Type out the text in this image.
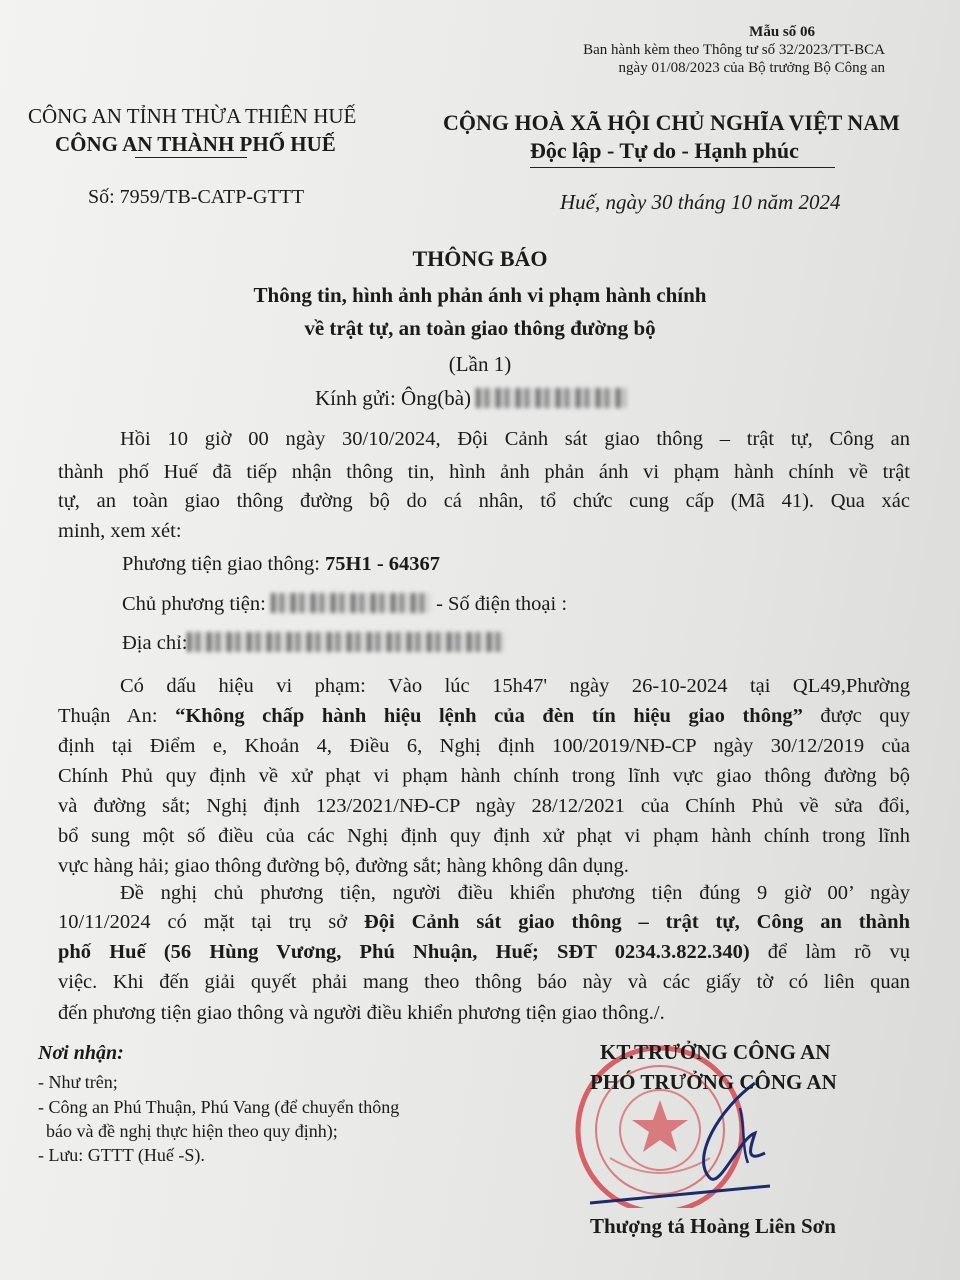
Mẫu số 06
Ban hành kèm theo Thông tư số 32/2023/TT-BCA
ngày 01/08/2023 của Bộ trưởng Bộ Công an
CÔNG AN TỈNH THỪA THIÊN HUẾ
CÔNG AN THÀNH PHỐ HUẾ
CỘNG HOÀ XÃ HỘI CHỦ NGHĨA VIỆT NAM
Độc lập - Tự do - Hạnh phúc
Số: 7959/TB-CATP-GTTT	Huế, ngày 30 tháng 10 năm 2024
THÔNG BÁO
Thông tin, hình ảnh phản ánh vi phạm hành chính
về trật tự, an toàn giao thông đường bộ
(Lần 1)
Kính gửi: Ông(bà)
Hồi 10 giờ 00 ngày 30/10/2024, Đội Cảnh sát giao thông – trật tự, Công an
thành phố Huế đã tiếp nhận thông tin, hình ảnh phản ánh vi phạm hành chính về trật
tự, an toàn giao thông đường bộ do cá nhân, tổ chức cung cấp (Mã 41). Qua xác
minh, xem xét:
Phương tiện giao thông: 75H1 - 64367
Chủ phương tiện:	- Số điện thoại :
Địa chỉ:
Có dấu hiệu vi phạm: Vào lúc 15h47' ngày 26-10-2024 tại QL49,Phường
Thuận An: “Không chấp hành hiệu lệnh của đèn tín hiệu giao thông” được quy
định tại Điểm e, Khoản 4, Điều 6, Nghị định 100/2019/NĐ-CP ngày 30/12/2019 của
Chính Phủ quy định về xử phạt vi phạm hành chính trong lĩnh vực giao thông đường bộ
và đường sắt; Nghị định 123/2021/NĐ-CP ngày 28/12/2021 của Chính Phủ về sửa đổi,
bổ sung một số điều của các Nghị định quy định xử phạt vi phạm hành chính trong lĩnh
vực hàng hải; giao thông đường bộ, đường sắt; hàng không dân dụng.
Đề nghị chủ phương tiện, người điều khiển phương tiện đúng 9 giờ 00’ ngày
10/11/2024 có mặt tại trụ sở Đội Cảnh sát giao thông – trật tự, Công an thành
phố Huế (56 Hùng Vương, Phú Nhuận, Huế; SĐT 0234.3.822.340) để làm rõ vụ
việc. Khi đến giải quyết phải mang theo thông báo này và các giấy tờ có liên quan
đến phương tiện giao thông và người điều khiển phương tiện giao thông./.
Nơi nhận:
- Như trên;
- Công an Phú Thuận, Phú Vang (để chuyển thông
báo và đề nghị thực hiện theo quy định);
- Lưu: GTTT (Huế -S).
KT.TRƯỞNG CÔNG AN
PHÓ TRƯỞNG CÔNG AN
Thượng tá Hoàng Liên Sơn
